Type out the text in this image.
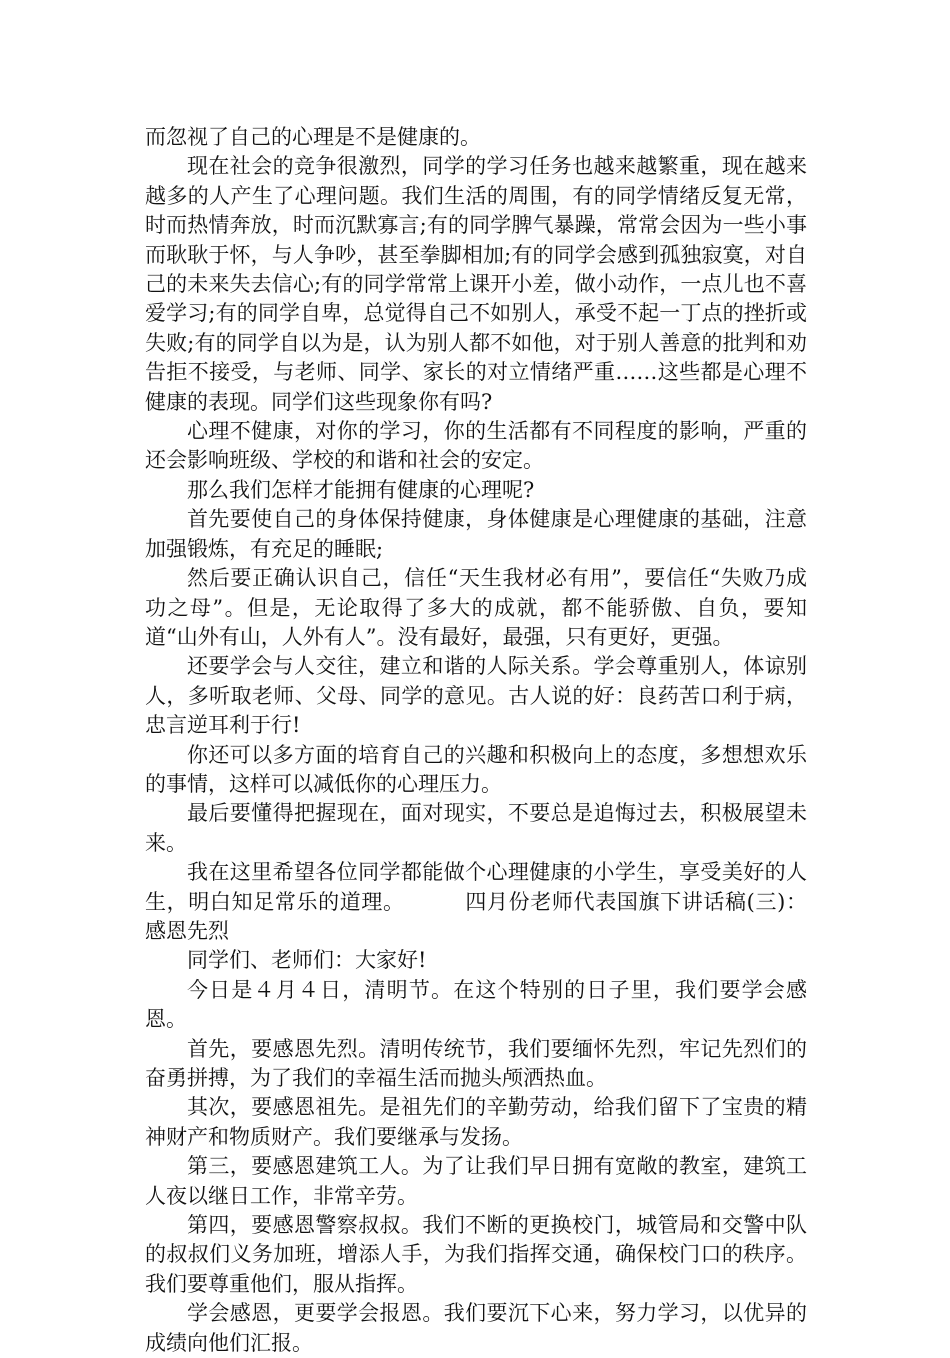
而忽视了自己的心理是不是健康的。

现在社会的竞争很激烈，同学的学习任务也越来越繁重，现在越来越多的人产生了心理问题。我们生活的周围，有的同学情绪反复无常，时而热情奔放，时而沉默寡言;有的同学脾气暴躁，常常会因为一些小事而耿耿于怀，与人争吵，甚至拳脚相加;有的同学会感到孤独寂寞，对自己的未来失去信心;有的同学常常上课开小差，做小动作，一点儿也不喜爱学习;有的同学自卑，总觉得自己不如别人，承受不起一丁点的挫折或失败;有的同学自以为是，认为别人都不如他，对于别人善意的批判和劝告拒不接受，与老师、同学、家长的对立情绪严重……这些都是心理不健康的表现。同学们这些现象你有吗?

心理不健康，对你的学习，你的生活都有不同程度的影响，严重的还会影响班级、学校的和谐和社会的安定。

那么我们怎样才能拥有健康的心理呢?

首先要使自己的身体保持健康，身体健康是心理健康的基础，注意加强锻炼，有充足的睡眠;

然后要正确认识自己，信任“天生我材必有用”，要信任“失败乃成功之母”。但是，无论取得了多大的成就，都不能骄傲、自负，要知道“山外有山，人外有人”。没有最好，最强，只有更好，更强。

还要学会与人交往，建立和谐的人际关系。学会尊重别人，体谅别人，多听取老师、父母、同学的意见。古人说的好：良药苦口利于病，忠言逆耳利于行!

你还可以多方面的培育自己的兴趣和积极向上的态度，多想想欢乐的事情，这样可以减低你的心理压力。

最后要懂得把握现在，面对现实，不要总是追悔过去，积极展望未来。

我在这里希望各位同学都能做个心理健康的小学生，享受美好的人生，明白知足常乐的道理。	四月份老师代表国旗下讲话稿(三)：感恩先烈

同学们、老师们：大家好!

今日是４月４日，清明节。在这个特别的日子里，我们要学会感恩。

首先，要感恩先烈。清明传统节，我们要缅怀先烈，牢记先烈们的奋勇拼搏，为了我们的幸福生活而抛头颅洒热血。

其次，要感恩祖先。是祖先们的辛勤劳动，给我们留下了宝贵的精神财产和物质财产。我们要继承与发扬。

第三，要感恩建筑工人。为了让我们早日拥有宽敞的教室，建筑工人夜以继日工作，非常辛劳。

第四，要感恩警察叔叔。我们不断的更换校门，城管局和交警中队的叔叔们义务加班，增添人手，为我们指挥交通，确保校门口的秩序。我们要尊重他们，服从指挥。

学会感恩，更要学会报恩。我们要沉下心来，努力学习，以优异的成绩向他们汇报。
